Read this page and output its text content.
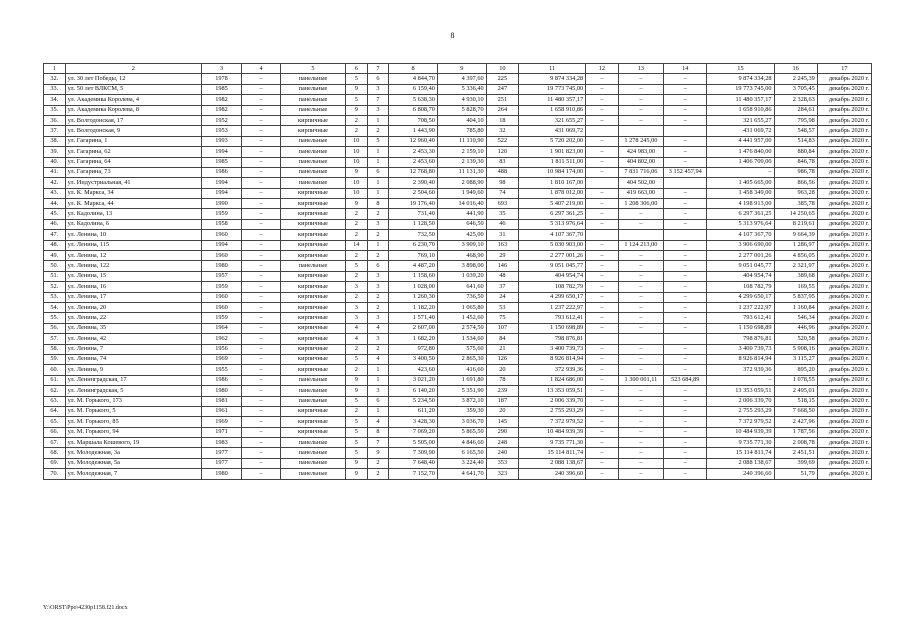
8
1	2	3	4	5	6	7	8	9	10	11	12	13	14	15	16	17
32.	ул. 30 лет Победы, 12	1978	–	панельные	5	6	4 844,70	4 397,60	225	9 874 334,28	–	–	–	9 874 334,28	2 245,39	декабрь 2020 г.
33.	ул. 50 лет ВЛКСМ, 5	1985	–	панельные	9	3	6 159,40	5 336,40	247	19 773 745,00	–	–	–	19 773 745,00	3 705,45	декабрь 2020 г.
34.	ул. Академика Королева, 4	1982	–	панельные	5	7	5 638,30	4 930,10	251	11 480 357,17	–	–	–	11 480 357,17	2 328,63	декабрь 2020 г.
35.	ул. Академика Королева, 8	1982	–	панельные	9	3	6 808,70	5 828,70	264	1 658 910,86	–	–	–	1 658 910,86	284,61	декабрь 2020 г.
36.	ул. Волгодонская, 17	1952	–	кирпичные	2	1	708,50	404,10	18	321 655,27	–	–	–	321 655,27	795,98	декабрь 2020 г.
37.	ул. Волгодонская, 9	1953	–	кирпичные	2	2	1 443,90	785,80	32	431 069,72				431 069,72	548,57	декабрь 2020 г.
38.	ул. Гагарина, 1	1993	–	панельные	10	5	12 960,40	11 110,90	522	5 720 202,00	–	1 278 245,00	–	4 441 957,00	514,83	декабрь 2020 г.
39.	ул. Гагарина, 62	1994	–	панельные	10	1	2 453,30	2 159,10	120	1 901 823,00	–	424 983,00	–	1 476 840,00	880,84	декабрь 2020 г.
40.	ул. Гагарина, 64	1985	–	панельные	10	1	2 453,60	2 139,30	83	1 811 511,00	–	404 802,00	–	1 406 709,00	846,78	декабрь 2020 г.
41.	ул. Гагарина, 73	1986	–	панельные	9	6	12 768,80	11 131,30	488	10 984 174,00	–	7 831 716,06	3 152 457,94	–	986,78	декабрь 2020 г.
42.	ул. Индустриальная, 41	1994	–	панельные	10	1	2 390,40	2 088,90	98	1 810 167,00		404 502,00		1 405 665,00	866,56	декабрь 2020 г.
43.	ул. К. Маркса, 34	1994	–	кирпичные	10	1	2 504,60	1 949,60	74	1 878 012,00	–	419 663,00	–	1 458 349,00	963,28	декабрь 2020 г.
44.	ул. К. Маркса, 44	1990	–	кирпичные	9	8	19 176,40	14 016,40	693	5 407 219,00	–	1 208 306,00	–	4 198 913,00	385,78	декабрь 2020 г.
45.	ул. Кадолина, 13	1959	–	кирпичные	2	2	731,40	441,90	35	6 297 361,25	–	–	–	6 297 361,25	14 250,65	декабрь 2020 г.
46.	ул. Кадолина, 6	1958	–	кирпичные	2	3	1 128,50	646,50	46	5 313 976,64	–	–	–	5 313 976,64	8 219,61	декабрь 2020 г.
47.	ул. Ленина, 10	1960	–	кирпичные	2	2	732,50	425,00	31	4 107 367,70				4 107 367,70	9 664,39	декабрь 2020 г.
48.	ул. Ленина, 115	1994	–	кирпичные	14	1	6 230,70	3 909,10	163	5 030 903,00	–	1 124 213,00	–	3 906 690,00	1 286,97	декабрь 2020 г.
49.	ул. Ленина, 12	1960	–	кирпичные	2	2	769,10	468,90	29	2 277 001,26	–	–	–	2 277 001,26	4 856,05	декабрь 2020 г.
50.	ул. Ленина, 122	1980	–	панельные	5	6	4 487,20	3 898,00	146	9 051 045,77	–	–	–	9 051 045,77	2 321,97	декабрь 2020 г.
51.	ул. Ленина, 15	1957	–	кирпичные	2	3	1 158,60	1 039,20	48	404 954,74	–	–	–	404 954,74	389,68	декабрь 2020 г.
52.	ул. Ленина, 16	1959	–	кирпичные	3	3	1 028,00	641,60	37	108 782,79	–	–	–	108 782,79	169,55	декабрь 2020 г.
53.	ул. Ленина, 17	1960	–	кирпичные	2	2	1 260,30	736,50	24	4 299 650,17	–	–	–	4 299 650,17	5 837,95	декабрь 2020 г.
54.	ул. Ленина, 20	1960	–	кирпичные	3	2	1 182,20	1 065,80	53	1 237 222,97	–	–	–	1 237 222,97	1 160,84	декабрь 2020 г.
55.	ул. Ленина, 22	1959	–	кирпичные	3	3	1 571,40	1 452,60	75	793 612,41	–	–	–	793 612,41	546,34	декабрь 2020 г.
56.	ул. Ленина, 35	1964	–	кирпичные	4	4	2 607,00	2 574,50	107	1 150 698,89	–	–	–	1 150 698,89	446,96	декабрь 2020 г.
57.	ул. Ленина, 42	1962	–	кирпичные	4	3	1 682,20	1 534,60	84	798 876,81				798 876,81	520,58	декабрь 2020 г.
58.	ул. Ленина, 7	1956	–	кирпичные	2	2	972,80	575,60	21	3 400 739,73	–	–	–	3 400 739,73	5 908,16	декабрь 2020 г.
59.	ул. Ленина, 74	1969	–	кирпичные	5	4	3 400,50	2 865,30	126	8 926 814,94	–	–	–	8 926 814,94	3 115,27	декабрь 2020 г.
60.	ул. Ленина, 9	1955	–	кирпичные	2	1	423,60	416,60	20	372 939,36	–	–	–	372 939,36	895,20	декабрь 2020 г.
61.	ул. Ленинградская, 17	1986	–	панельные	9	1	3 021,20	1 691,80	78	1 824 686,00	–	1 300 001,11	523 684,89	–	1 078,55	декабрь 2020 г.
62.	ул. Ленинградская, 5	1980	–	панельные	9	3	6 140,20	5 351,90	239	13 353 059,51	–	–	–	13 353 059,51	2 495,01	декабрь 2020 г.
63.	ул. М. Горького, 173	1981	–	панельные	5	6	5 234,50	3 872,10	187	2 006 339,70	–	–	–	2 006 339,70	518,15	декабрь 2020 г.
64.	ул. М. Горького, 5	1961	–	кирпичные	2	1	611,20	359,30	20	2 755 293,29	–	–	–	2 755 293,29	7 668,50	декабрь 2020 г.
65.	ул. М. Горького, 85	1969	–	кирпичные	5	4	3 428,30	3 036,70	145	7 372 979,52	–	–	–	7 372 979,52	2 427,96	декабрь 2020 г.
66.	ул. М. Горького, 94	1971	–	кирпичные	5	8	7 069,20	5 865,50	290	10 484 939,39	–	–	–	10 484 939,39	1 787,56	декабрь 2020 г.
67.	ул. Маршала Кошевого, 19	1983	–	панельные	5	7	5 505,00	4 846,60	248	9 735 771,30	–	–	–	9 735 771,30	2 008,78	декабрь 2020 г.
68.	ул. Молодежная, 3а	1977	–	панельные	5	9	7 309,90	6 165,50	240	15 114 811,74	–	–	–	15 114 811,74	2 451,51	декабрь 2020 г.
69.	ул. Молодежная, 5а	1977	–	панельные	9	2	7 648,40	3 224,40	353	2 088 138,67	–	–	–	2 088 138,67	399,69	декабрь 2020 г.
70.	ул. Молодежная, 7	1980	–	панельные	9	2	7 152,70	4 641,70	323	240 396,60	–	–	–	240 396,60	51,79	декабрь 2020 г.
Y:\ORST\Ppo\4230p1158.f21.docx
